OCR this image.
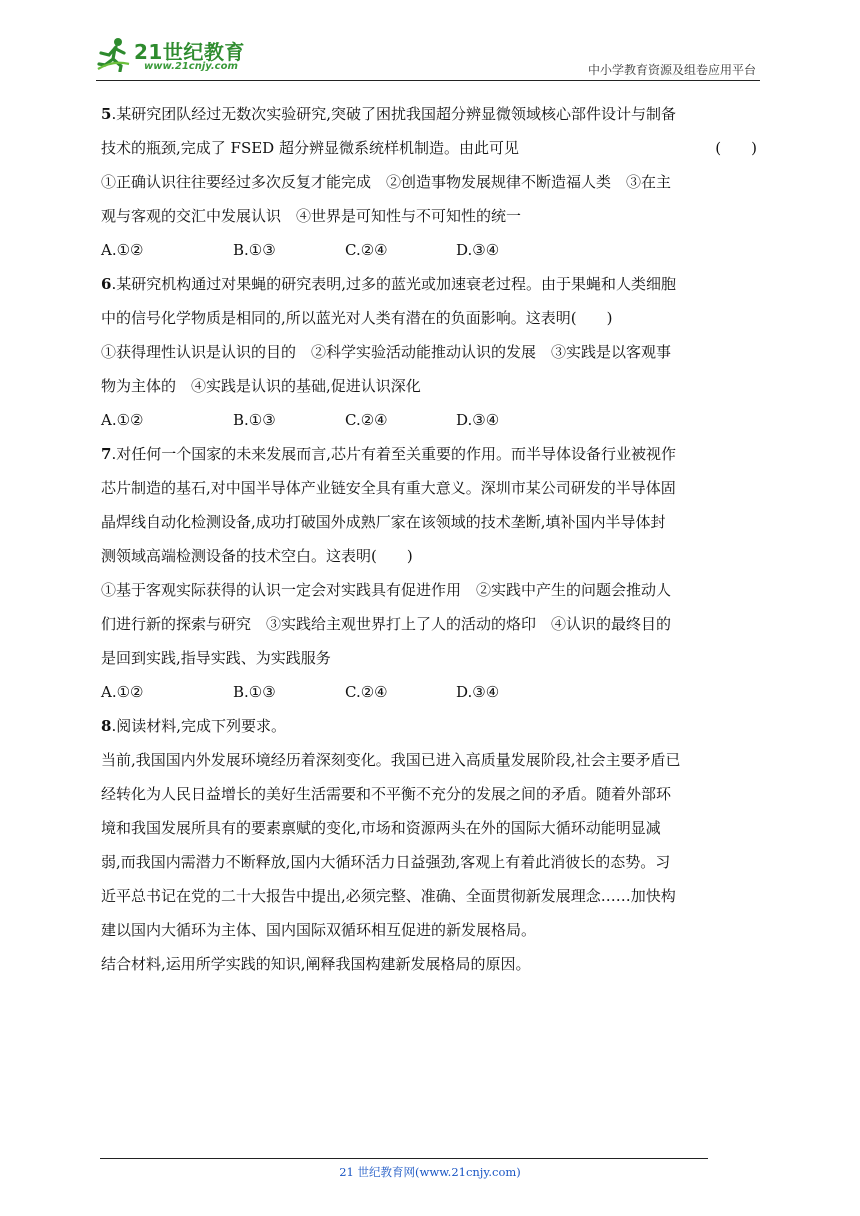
21世纪教育
www.21cnjy.com	中小学教育资源及组卷应用平台

5.某研究团队经过无数次实验研究,突破了困扰我国超分辨显微领域核心部件设计与制备

技术的瓶颈,完成了 FSED 超分辨显微系统样机制造。由此可见	(　　)

①正确认识往往要经过多次反复才能完成　②创造事物发展规律不断造福人类　③在主

观与客观的交汇中发展认识　④世界是可知性与不可知性的统一

A.①②	B.①③	C.②④	D.③④

6.某研究机构通过对果蝇的研究表明,过多的蓝光或加速衰老过程。由于果蝇和人类细胞

中的信号化学物质是相同的,所以蓝光对人类有潜在的负面影响。这表明(　　)

①获得理性认识是认识的目的　②科学实验活动能推动认识的发展　③实践是以客观事

物为主体的　④实践是认识的基础,促进认识深化

A.①②	B.①③	C.②④	D.③④

7.对任何一个国家的未来发展而言,芯片有着至关重要的作用。而半导体设备行业被视作

芯片制造的基石,对中国半导体产业链安全具有重大意义。深圳市某公司研发的半导体固

晶焊线自动化检测设备,成功打破国外成熟厂家在该领域的技术垄断,填补国内半导体封

测领域高端检测设备的技术空白。这表明(　　)

①基于客观实际获得的认识一定会对实践具有促进作用　②实践中产生的问题会推动人

们进行新的探索与研究　③实践给主观世界打上了人的活动的烙印　④认识的最终目的

是回到实践,指导实践、为实践服务

A.①②	B.①③	C.②④	D.③④

8.阅读材料,完成下列要求。

当前,我国国内外发展环境经历着深刻变化。我国已进入高质量发展阶段,社会主要矛盾已

经转化为人民日益增长的美好生活需要和不平衡不充分的发展之间的矛盾。随着外部环

境和我国发展所具有的要素禀赋的变化,市场和资源两头在外的国际大循环动能明显减

弱,而我国内需潜力不断释放,国内大循环活力日益强劲,客观上有着此消彼长的态势。习

近平总书记在党的二十大报告中提出,必须完整、准确、全面贯彻新发展理念……加快构

建以国内大循环为主体、国内国际双循环相互促进的新发展格局。

结合材料,运用所学实践的知识,阐释我国构建新发展格局的原因。

21 世纪教育网(www.21cnjy.com)
